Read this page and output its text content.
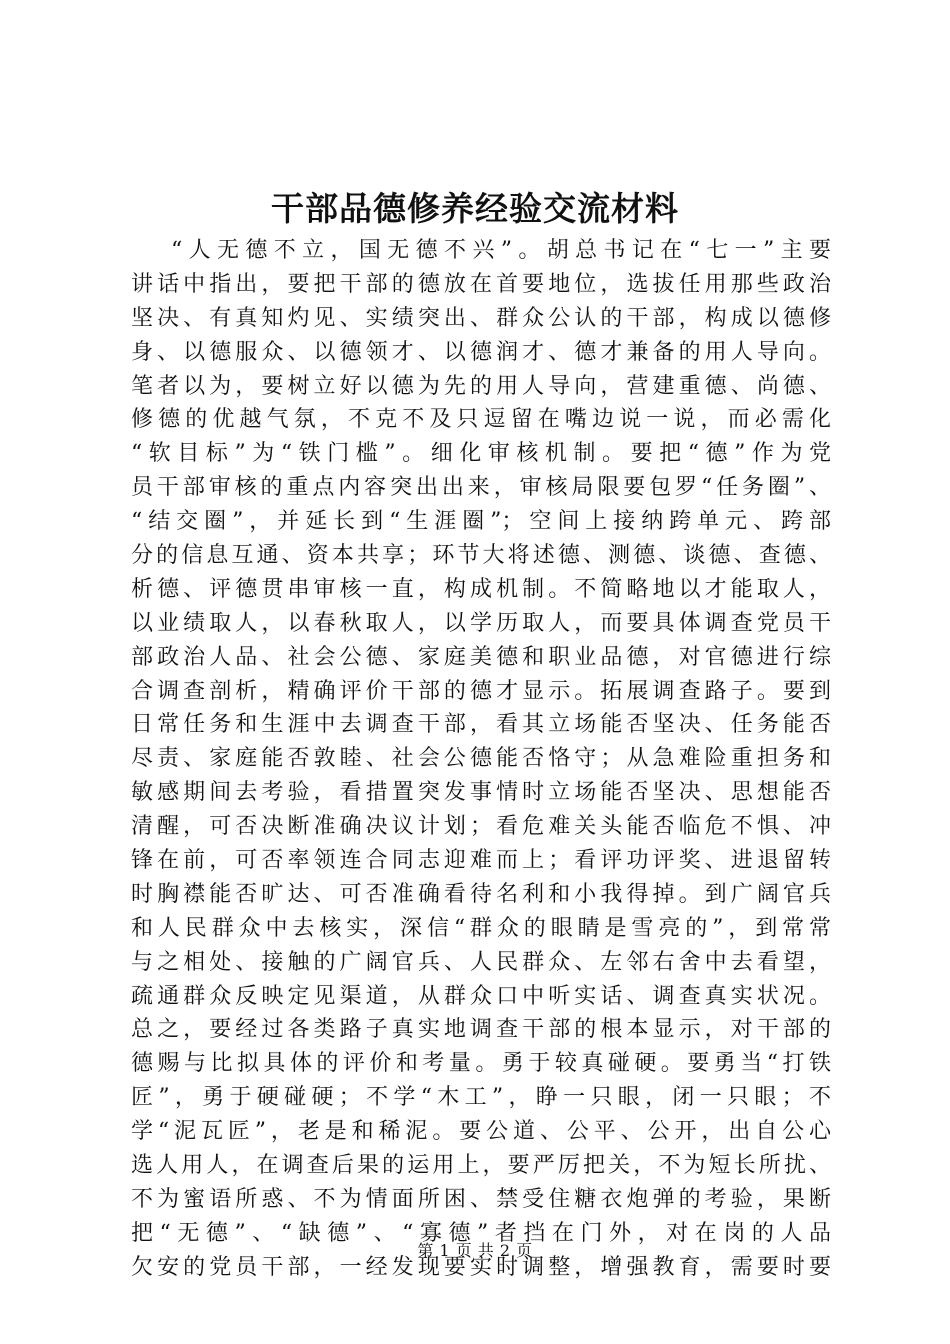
干部品德修养经验交流材料
“人无德不立，国无德不兴”。胡总书记在“七一”主要
讲话中指出，要把干部的德放在首要地位，选拔任用那些政治
坚决、有真知灼见、实绩突出、群众公认的干部，构成以德修
身、以德服众、以德领才、以德润才、德才兼备的用人导向。
笔者以为，要树立好以德为先的用人导向，营建重德、尚德、
修德的优越气氛，不克不及只逗留在嘴边说一说，而必需化
“软目标”为“铁门槛”。细化审核机制。要把“德”作为党
员干部审核的重点内容突出出来，审核局限要包罗“任务圈”、
“结交圈”，并延长到“生涯圈”；空间上接纳跨单元、跨部
分的信息互通、资本共享；环节大将述德、测德、谈德、查德、
析德、评德贯串审核一直，构成机制。不简略地以才能取人，
以业绩取人，以春秋取人，以学历取人，而要具体调查党员干
部政治人品、社会公德、家庭美德和职业品德，对官德进行综
合调查剖析，精确评价干部的德才显示。拓展调查路子。要到
日常任务和生涯中去调查干部，看其立场能否坚决、任务能否
尽责、家庭能否敦睦、社会公德能否恪守；从急难险重担务和
敏感期间去考验，看措置突发事情时立场能否坚决、思想能否
清醒，可否决断准确决议计划；看危难关头能否临危不惧、冲
锋在前，可否率领连合同志迎难而上；看评功评奖、进退留转
时胸襟能否旷达、可否准确看待名利和小我得掉。到广阔官兵
和人民群众中去核实，深信“群众的眼睛是雪亮的”，到常常
与之相处、接触的广阔官兵、人民群众、左邻右舍中去看望，
疏通群众反映定见渠道，从群众口中听实话、调查真实状况。
总之，要经过各类路子真实地调查干部的根本显示，对干部的
德赐与比拟具体的评价和考量。勇于较真碰硬。要勇当“打铁
匠”，勇于硬碰硬；不学“木工”，睁一只眼，闭一只眼；不
学“泥瓦匠”，老是和稀泥。要公道、公平、公开，出自公心
选人用人，在调查后果的运用上，要严厉把关，不为短长所扰、
不为蜜语所惑、不为情面所困、禁受住糖衣炮弹的考验，果断
把“无德”、“缺德”、“寡德”者挡在门外，对在岗的人品
欠安的党员干部，一经发现要实时调整，增强教育，需要时要
第 1 页 共 2 页
